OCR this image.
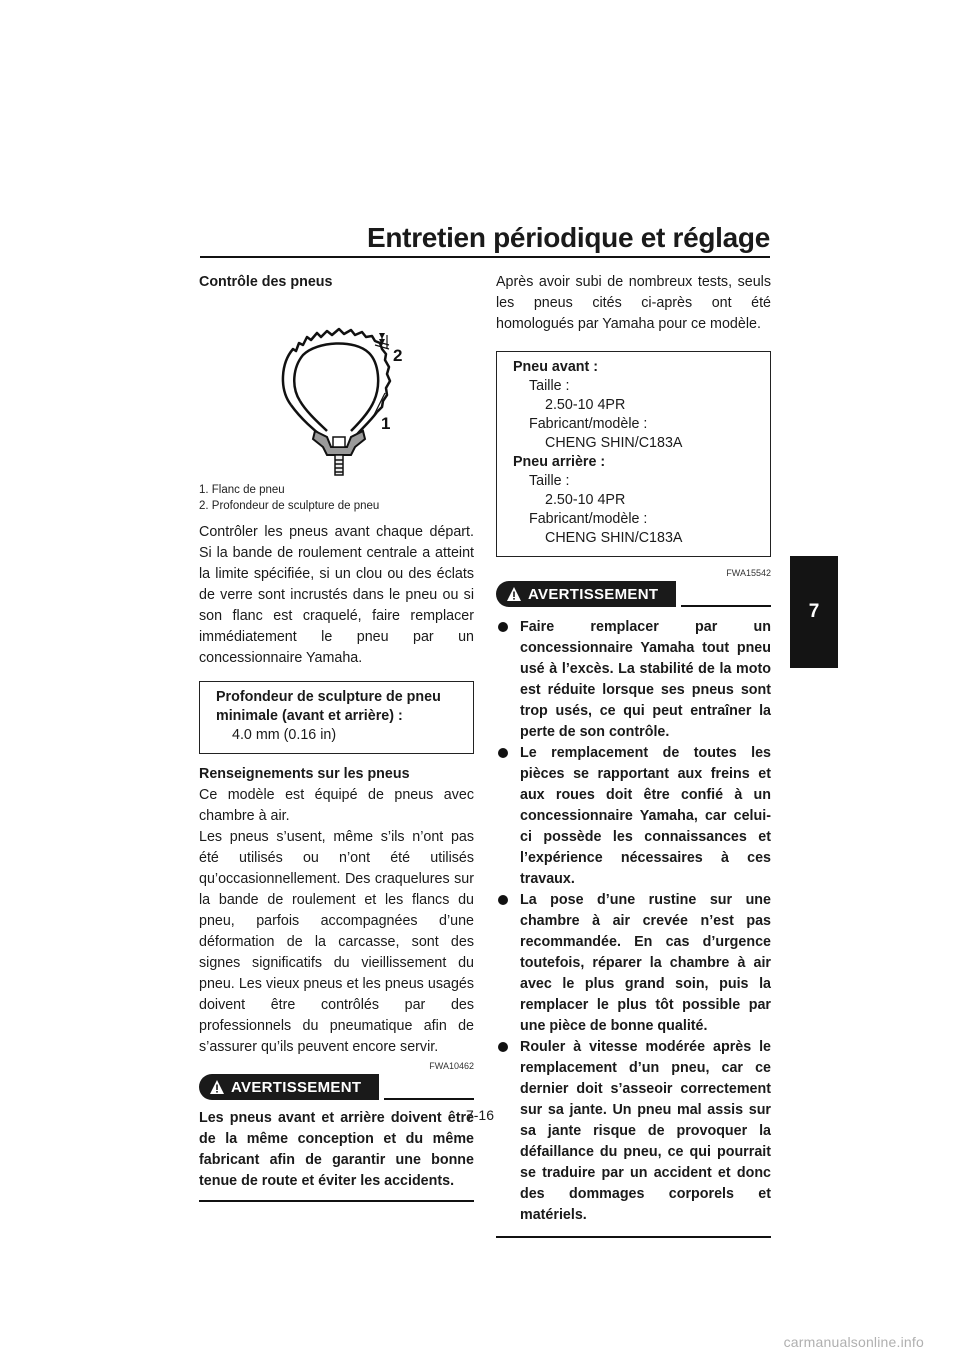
Entretien périodique et réglage
7
Contrôle des pneus
2
1
1. Flanc de pneu
2. Profondeur de sculpture de pneu

Contrôler les pneus avant chaque départ. Si la bande de roulement centrale a atteint la limite spécifiée, si un clou ou des éclats de verre sont incrustés dans le pneu ou si son flanc est craquelé, faire remplacer immédiatement le pneu par un concessionnaire Yamaha.

Profondeur de sculpture de pneu minimale (avant et arrière) :
4.0 mm (0.16 in)
Renseignements sur les pneus

Ce modèle est équipé de pneus avec chambre à air.

Les pneus s’usent, même s’ils n’ont pas été utilisés ou n’ont été utilisés qu’occasionnellement. Des craquelures sur la bande de roulement et les flancs du pneu, parfois accompagnées d’une déformation de la carcasse, sont des signes significatifs du vieillissement du pneu. Les vieux pneus et les pneus usagés doivent être contrôlés par des professionnels du pneumatique afin de s’assurer qu’ils peuvent encore servir.

FWA10462
AVERTISSEMENT

Les pneus avant et arrière doivent être de la même conception et du même fabricant afin de garantir une bonne tenue de route et éviter les accidents.

Après avoir subi de nombreux tests, seuls les pneus cités ci-après ont été homologués par Yamaha pour ce modèle.

Pneu avant :
Taille :
2.50-10 4PR
Fabricant/modèle :
CHENG SHIN/C183A
Pneu arrière :
Taille :
2.50-10 4PR
Fabricant/modèle :
CHENG SHIN/C183A
FWA15542
AVERTISSEMENT
Faire remplacer par un concessionnaire Yamaha tout pneu usé à l’excès. La stabilité de la moto est réduite lorsque ses pneus sont trop usés, ce qui peut entraîner la perte de son contrôle.
Le remplacement de toutes les pièces se rapportant aux freins et aux roues doit être confié à un concessionnaire Yamaha, car celui-ci possède les connaissances et l’expérience nécessaires à ces travaux.
La pose d’une rustine sur une chambre à air crevée n’est pas recommandée. En cas d’urgence toutefois, réparer la chambre à air avec le plus grand soin, puis la remplacer le plus tôt possible par une pièce de bonne qualité.
Rouler à vitesse modérée après le remplacement d’un pneu, car ce dernier doit s’asseoir correctement sur sa jante. Un pneu mal assis sur sa jante risque de provoquer la défaillance du pneu, ce qui pourrait se traduire par un accident et donc des dommages corporels et matériels.
7-16
carmanualsonline.info
